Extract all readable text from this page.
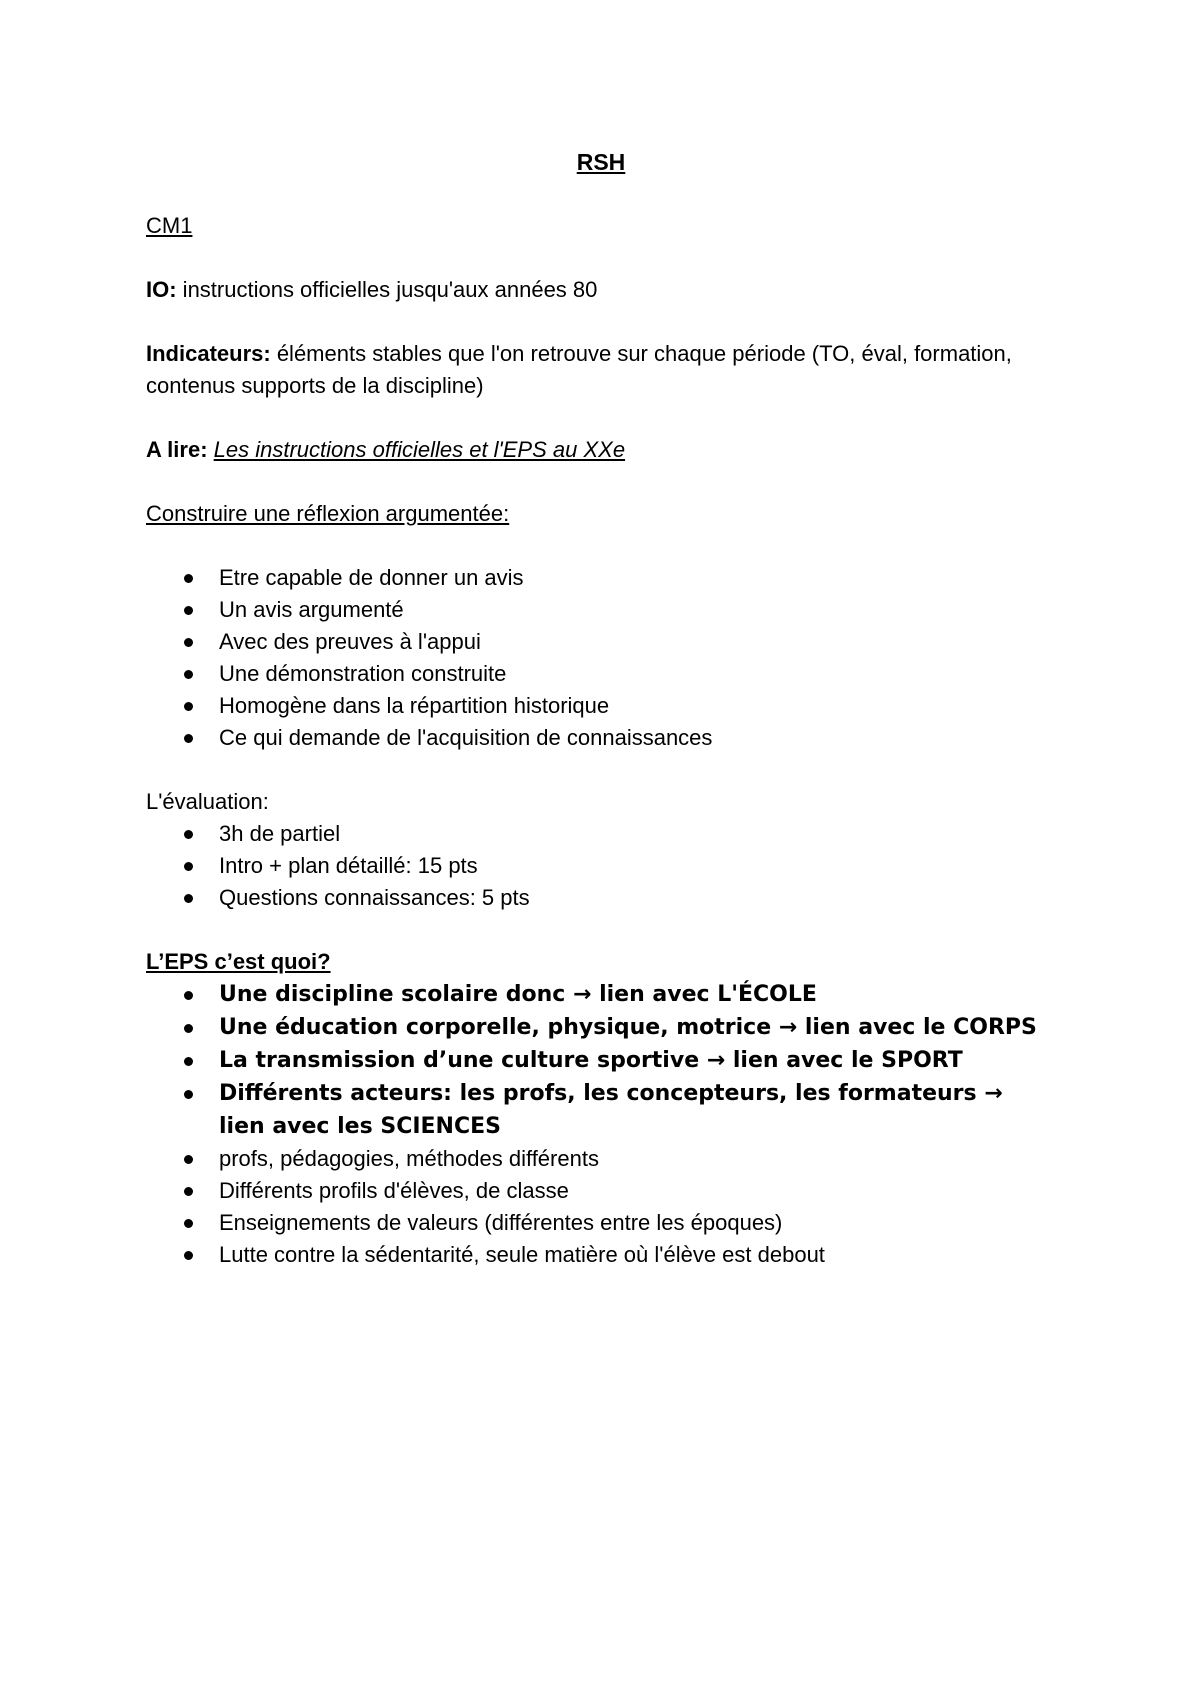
RSH

CM1

IO: instructions officielles jusqu'aux années 80

Indicateurs: éléments stables que l'on retrouve sur chaque période (TO, éval, formation, contenus supports de la discipline)

A lire: Les instructions officielles et l'EPS au XXe

Construire une réflexion argumentée:

Etre capable de donner un avis
Un avis argumenté
Avec des preuves à l'appui
Une démonstration construite
Homogène dans la répartition historique
Ce qui demande de l'acquisition de connaissances

L'évaluation:

3h de partiel
Intro + plan détaillé: 15 pts
Questions connaissances: 5 pts

L’EPS c’est quoi?

Une discipline scolaire donc → lien avec L'ÉCOLE
Une éducation corporelle, physique, motrice → lien avec le CORPS
La transmission d’une culture sportive → lien avec le SPORT
Différents acteurs: les profs, les concepteurs, les formateurs → lien avec les SCIENCES
profs, pédagogies, méthodes différents
Différents profils d'élèves, de classe
Enseignements de valeurs (différentes entre les époques)
Lutte contre la sédentarité, seule matière où l'élève est debout
